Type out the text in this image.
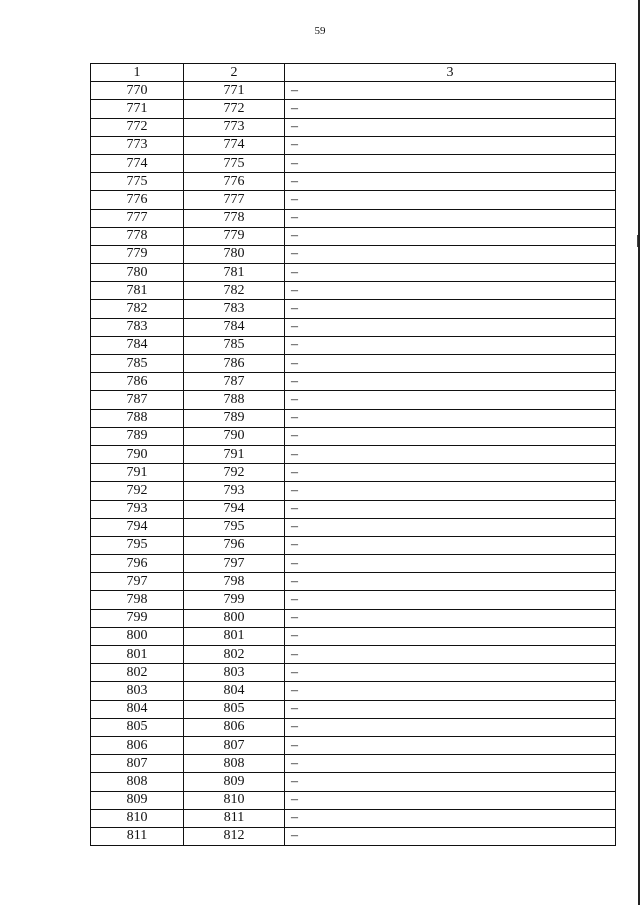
59
1	2	3
770	771	–
771	772	–
772	773	–
773	774	–
774	775	–
775	776	–
776	777	–
777	778	–
778	779	–
779	780	–
780	781	–
781	782	–
782	783	–
783	784	–
784	785	–
785	786	–
786	787	–
787	788	–
788	789	–
789	790	–
790	791	–
791	792	–
792	793	–
793	794	–
794	795	–
795	796	–
796	797	–
797	798	–
798	799	–
799	800	–
800	801	–
801	802	–
802	803	–
803	804	–
804	805	–
805	806	–
806	807	–
807	808	–
808	809	–
809	810	–
810	811	–
811	812	–
